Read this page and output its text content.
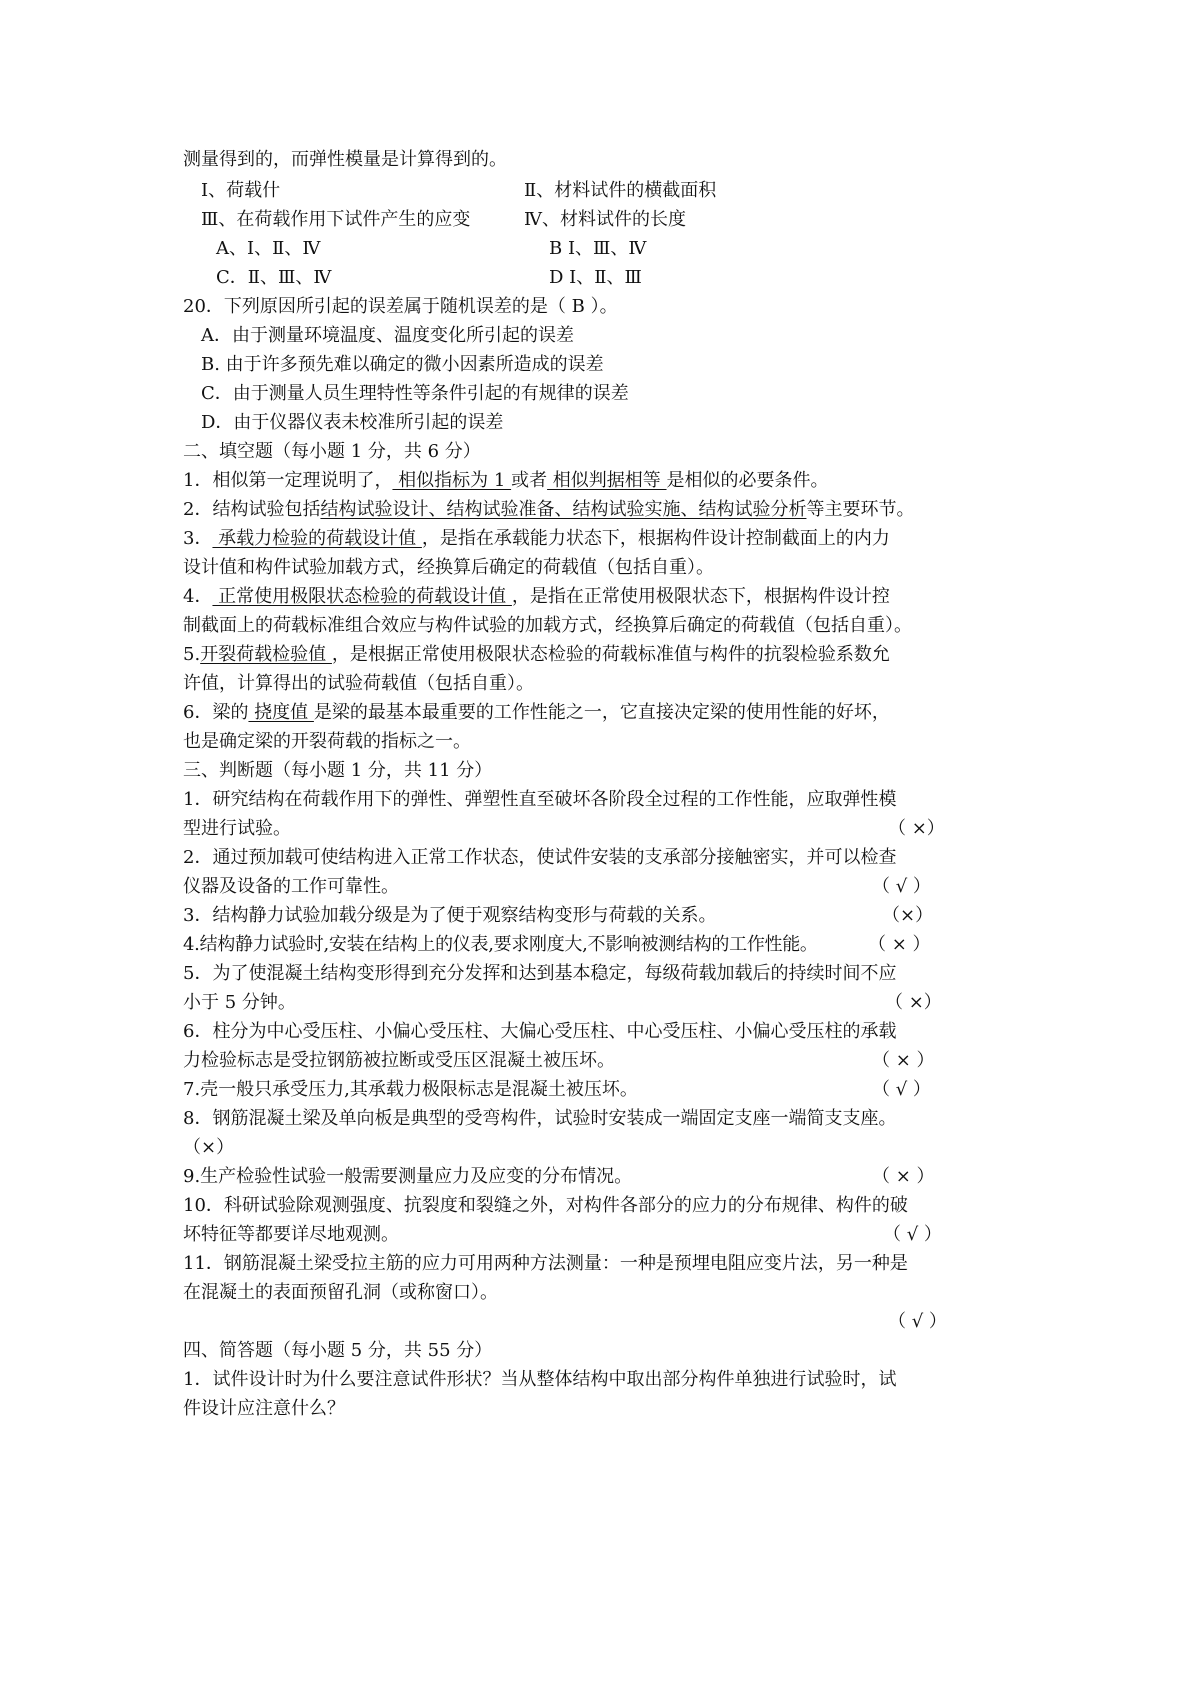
测量得到的，而弹性模量是计算得到的。
Ⅰ、荷载什	Ⅱ、材料试件的横截面积
Ⅲ、在荷载作用下试件产生的应变	Ⅳ、材料试件的长度
A、Ⅰ、Ⅱ、Ⅳ	B Ⅰ、Ⅲ、Ⅳ
C．Ⅱ、Ⅲ、Ⅳ	D Ⅰ、Ⅱ、Ⅲ
20．下列原因所引起的误差属于随机误差的是（ B ）。
A．由于测量环境温度、温度变化所引起的误差
B. 由于许多预先难以确定的微小因素所造成的误差
C．由于测量人员生理特性等条件引起的有规律的误差
D．由于仪器仪表未校准所引起的误差
二、填空题（每小题 1 分，共 6 分）
1．相似第一定理说明了， 相似指标为 1 或者 相似判据相等 是相似的必要条件。
2．结构试验包括结构试验设计、结构试验准备、结构试验实施、结构试验分析等主要环节。
3． 承载力检验的荷载设计值 ，是指在承载能力状态下，根据构件设计控制截面上的内力
设计值和构件试验加载方式，经换算后确定的荷载值（包括自重）。
4． 正常使用极限状态检验的荷载设计值 ，是指在正常使用极限状态下，根据构件设计控
制截面上的荷载标准组合效应与构件试验的加载方式，经换算后确定的荷载值（包括自重）。
5.开裂荷载检验值 ，是根据正常使用极限状态检验的荷载标准值与构件的抗裂检验系数允
许值，计算得出的试验荷载值（包括自重）。
6．梁的 挠度值 是梁的最基本最重要的工作性能之一，它直接决定梁的使用性能的好坏，
也是确定梁的开裂荷载的指标之一。
三、判断题（每小题 1 分，共 11 分）
1．研究结构在荷载作用下的弹性、弹塑性直至破坏各阶段全过程的工作性能，应取弹性模
型进行试验。	（ ×）
2．通过预加载可使结构进入正常工作状态，使试件安装的支承部分接触密实，并可以检查
仪器及设备的工作可靠性。	（ √ ）
3．结构静力试验加载分级是为了便于观察结构变形与荷载的关系。	（×）
4.结构静力试验时,安装在结构上的仪表,要求刚度大,不影响被测结构的工作性能。	（ × ）
5．为了使混凝土结构变形得到充分发挥和达到基本稳定，每级荷载加载后的持续时间不应
小于 5 分钟。	（ ×）
6．柱分为中心受压柱、小偏心受压柱、大偏心受压柱、中心受压柱、小偏心受压柱的承载
力检验标志是受拉钢筋被拉断或受压区混凝土被压坏。	（ × ）
7.壳一般只承受压力,其承载力极限标志是混凝土被压坏。	（ √ ）
8．钢筋混凝土梁及单向板是典型的受弯构件，试验时安装成一端固定支座一端简支支座。
（×）
9.生产检验性试验一般需要测量应力及应变的分布情况。	（ × ）
10．科研试验除观测强度、抗裂度和裂缝之外，对构件各部分的应力的分布规律、构件的破
坏特征等都要详尽地观测。	（ √ ）
11．钢筋混凝土梁受拉主筋的应力可用两种方法测量：一种是预埋电阻应变片法，另一种是
在混凝土的表面预留孔洞（或称窗口）。
（ √ ）
四、简答题（每小题 5 分，共 55 分）
1．试件设计时为什么要注意试件形状？当从整体结构中取出部分构件单独进行试验时，试
件设计应注意什么？
